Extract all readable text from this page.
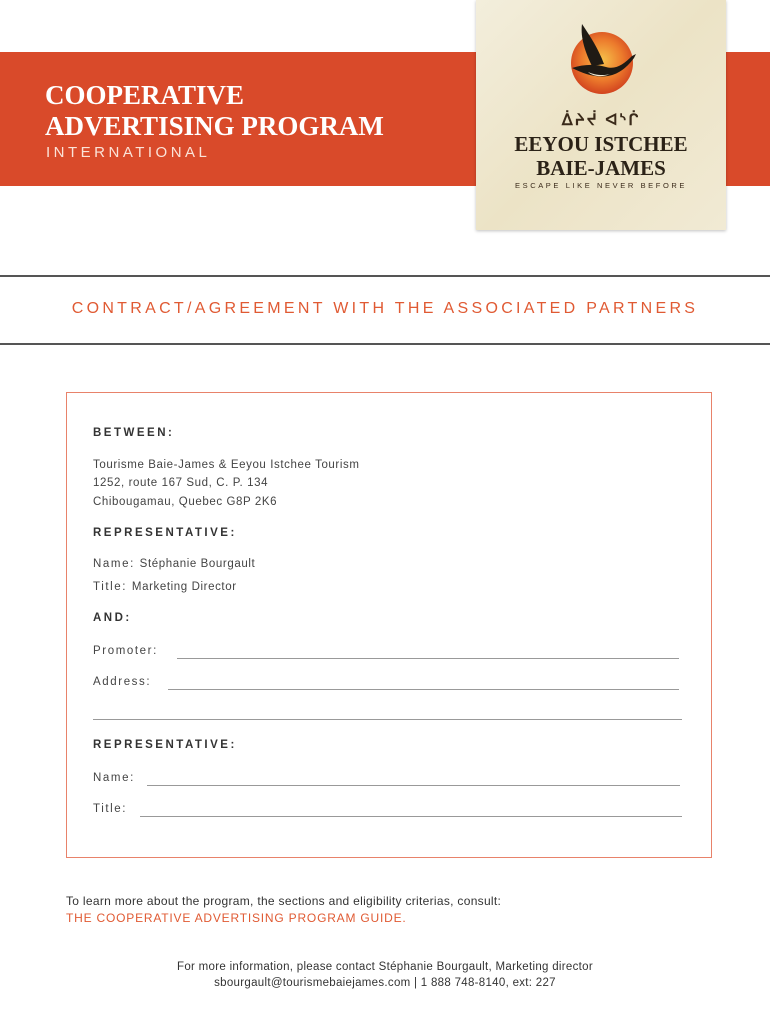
COOPERATIVE
ADVERTISING PROGRAM
INTERNATIONAL
ᐄᔨᔫ ᐊᔅᒌ
EEYOU ISTCHEE
BAIE-JAMES
ESCAPE LIKE NEVER BEFORE
CONTRACT/AGREEMENT WITH THE ASSOCIATED PARTNERS
BETWEEN:
Tourisme Baie-James & Eeyou Istchee Tourism
1252, route 167 Sud, C. P. 134
Chibougamau, Quebec G8P 2K6
REPRESENTATIVE:
Name: Stéphanie Bourgault
Title: Marketing Director
AND:
Promoter:
Address:
REPRESENTATIVE:
Name:
Title:
To learn more about the program, the sections and eligibility criterias, consult:
THE COOPERATIVE ADVERTISING PROGRAM GUIDE.
For more information, please contact Stéphanie Bourgault, Marketing director
sbourgault@tourismebaiejames.com | 1 888 748-8140, ext: 227
